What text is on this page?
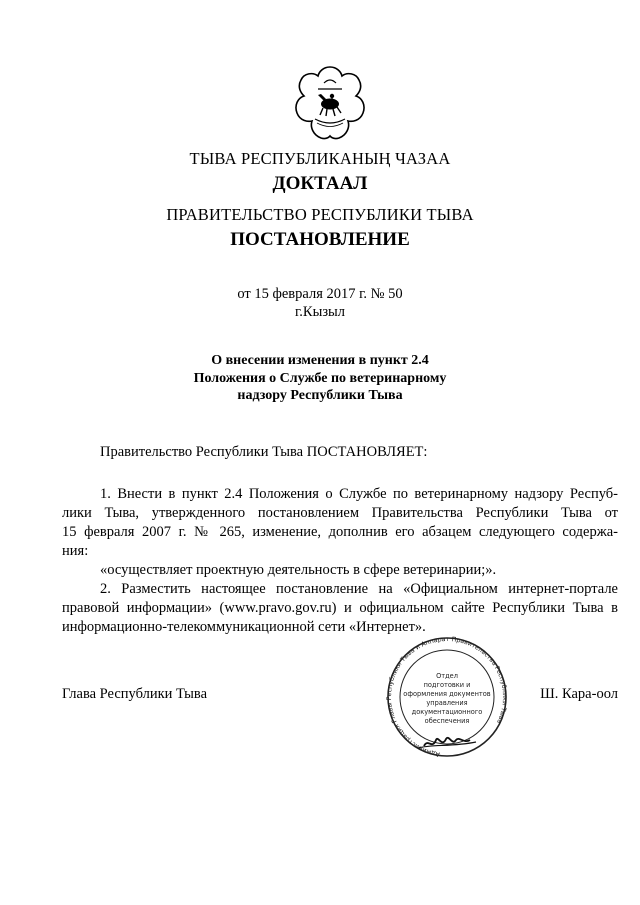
ТЫВА РЕСПУБЛИКАНЫҢ ЧАЗАА
ДОКТААЛ
ПРАВИТЕЛЬСТВО РЕСПУБЛИКИ ТЫВА
ПОСТАНОВЛЕНИЕ
от 15 февраля 2017 г. № 50
г.Кызыл
О внесении изменения в пункт 2.4
Положения о Службе по ветеринарному
надзору Республики Тыва
Правительство Республики Тыва ПОСТАНОВЛЯЕТ:
1. Внести в пункт 2.4 Положения о Службе по ветеринарному надзору Респуб-
лики Тыва, утвержденного постановлением Правительства Республики Тыва от
15 февраля 2007 г. № 265, изменение, дополнив его абзацем следующего содержа-
ния:
«осуществляет проектную деятельность в сфере ветеринарии;».
2. Разместить настоящее постановление на «Официальном интернет-портале
правовой информации» (www.pravo.gov.ru) и официальном сайте Республики Тыва в
информационно-телекоммуникационной сети «Интернет».
Администрация Главы Республики Тыва и Аппарат Правительства Республики Тыва
Отдел
подготовки и
оформления документов
управления
документационного
обеспечения
Глава Республики Тыва	Ш. Кара-оол
